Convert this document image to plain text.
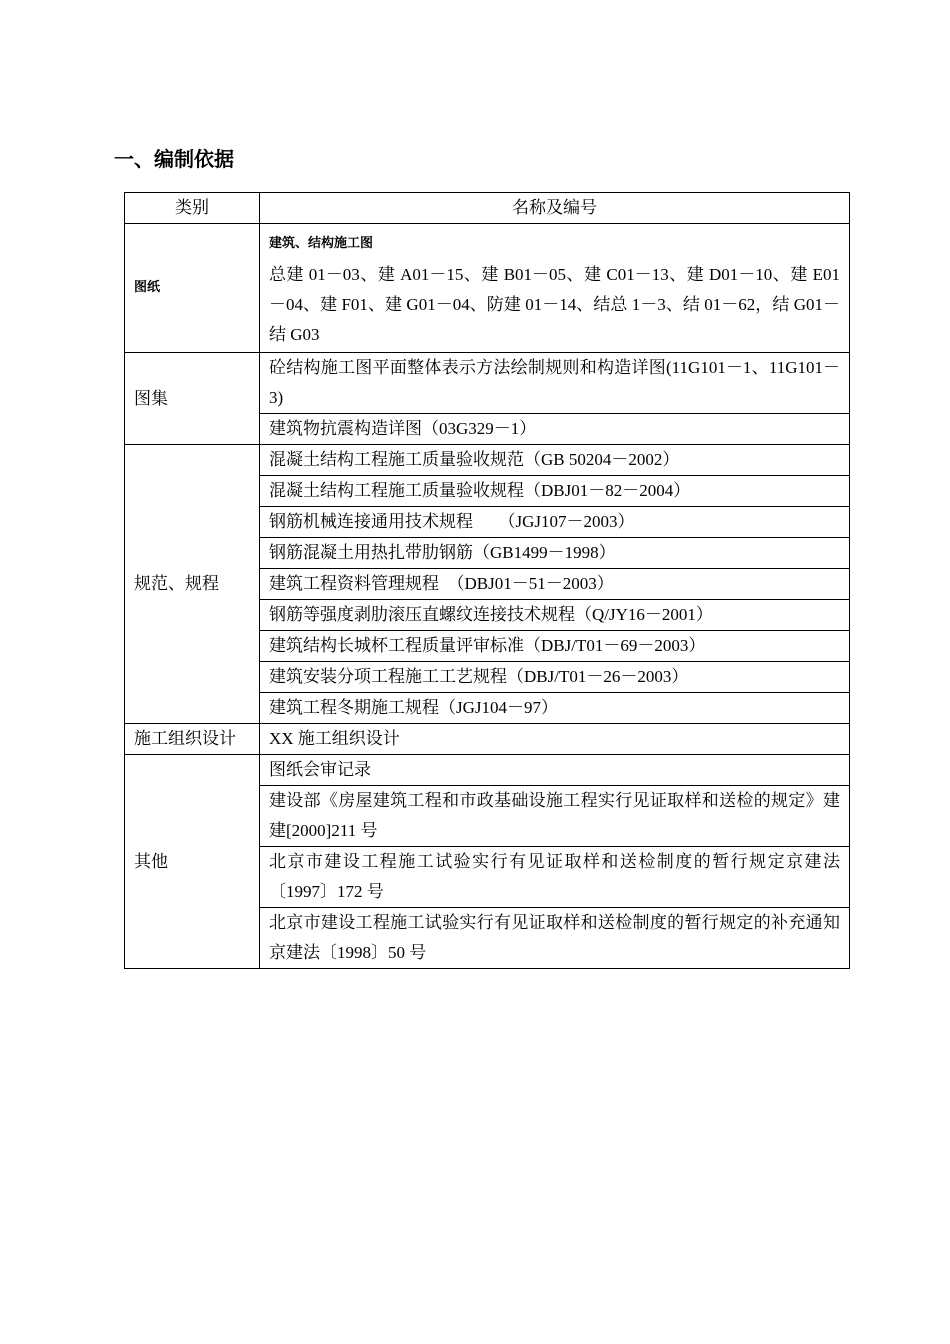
一、编制依据
类别	名称及编号
图纸	建筑、结构施工图
总建 01－03、建 A01－15、建 B01－05、建 C01－13、建 D01－10、建 E01－04、建 F01、建 G01－04、防建 01－14、结总 1－3、结 01－62，结 G01－结 G03

图集	砼结构施工图平面整体表示方法绘制规则和构造详图(11G101－1、11G101－3)
	建筑物抗震构造详图（03G329－1）
规范、规程	混凝土结构工程施工质量验收规范（GB 50204－2002）
	混凝土结构工程施工质量验收规程（DBJ01－82－2004）
	钢筋机械连接通用技术规程　　（JGJ107－2003）
	钢筋混凝土用热扎带肋钢筋（GB1499－1998）
	建筑工程资料管理规程　（DBJ01－51－2003）
	钢筋等强度剥肋滚压直螺纹连接技术规程（Q/JY16－2001）
	建筑结构长城杯工程质量评审标准（DBJ/T01－69－2003）
	建筑安装分项工程施工工艺规程（DBJ/T01－26－2003）
	建筑工程冬期施工规程（JGJ104－97）
施工组织设计	XX 施工组织设计
其他	图纸会审记录
	建设部《房屋建筑工程和市政基础设施工程实行见证取样和送检的规定》建建[2000]211 号
	北京市建设工程施工试验实行有见证取样和送检制度的暂行规定京建法〔1997〕172 号
	北京市建设工程施工试验实行有见证取样和送检制度的暂行规定的补充通知京建法〔1998〕50 号
